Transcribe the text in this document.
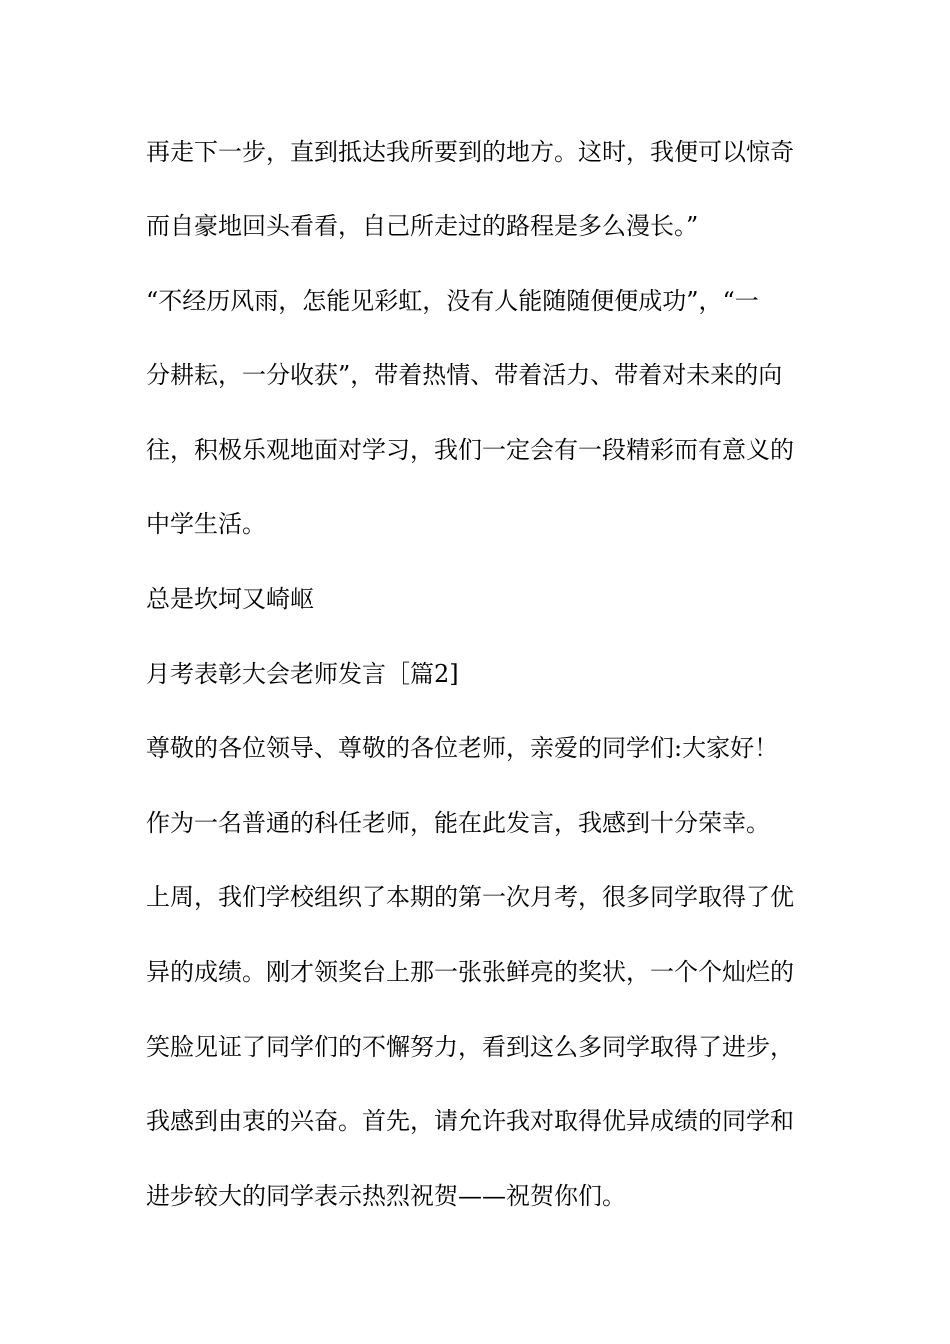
再走下一步，直到抵达我所要到的地方。这时，我便可以惊奇

而自豪地回头看看，自己所走过的路程是多么漫长。”

“不经历风雨，怎能见彩虹，没有人能随随便便成功”，“一

分耕耘，一分收获”，带着热情、带着活力、带着对未来的向

往，积极乐观地面对学习，我们一定会有一段精彩而有意义的

中学生活。

总是坎坷又崎岖

月考表彰大会老师发言［篇2]

尊敬的各位领导、尊敬的各位老师，亲爱的同学们:大家好！

作为一名普通的科任老师，能在此发言，我感到十分荣幸。

上周，我们学校组织了本期的第一次月考，很多同学取得了优

异的成绩。刚才领奖台上那一张张鲜亮的奖状，一个个灿烂的

笑脸见证了同学们的不懈努力，看到这么多同学取得了进步，

我感到由衷的兴奋。首先，请允许我对取得优异成绩的同学和

进步较大的同学表示热烈祝贺——祝贺你们。
